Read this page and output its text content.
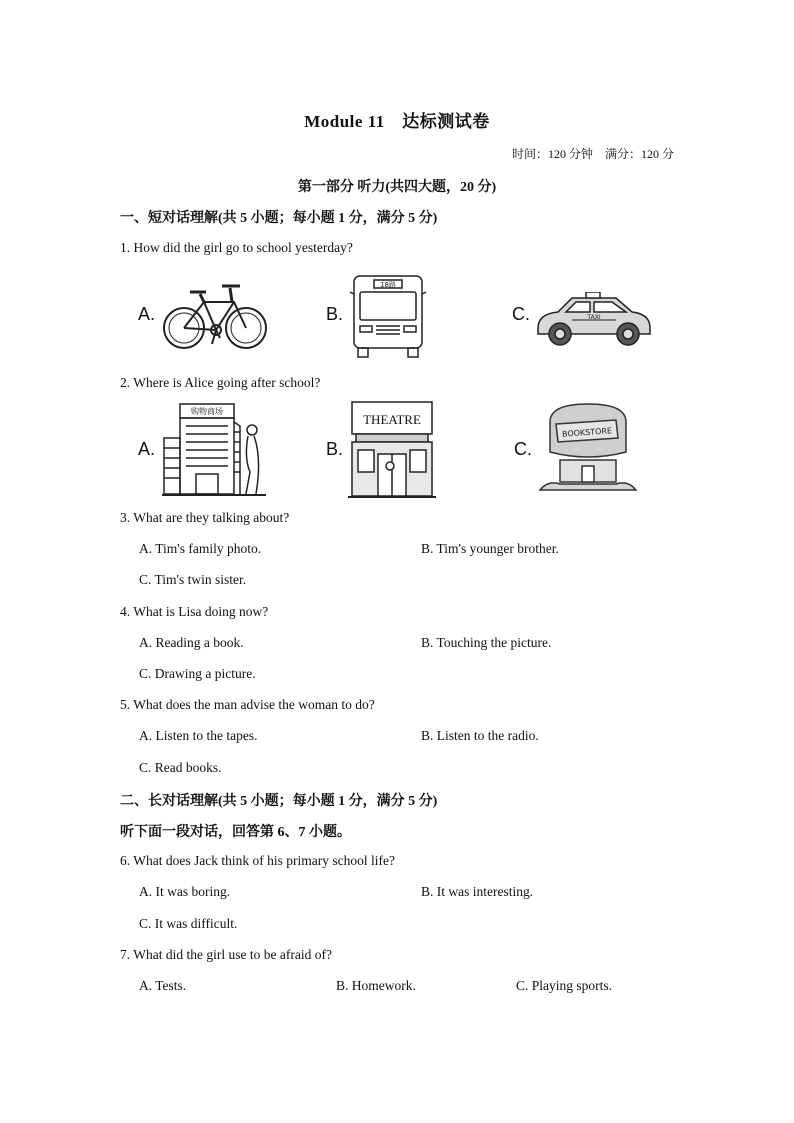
Module 11　达标测试卷
时间：120 分钟　满分：120 分
第一部分 听力(共四大题，20 分)
一、短对话理解(共 5 小题；每小题 1 分，满分 5 分)
1. How did the girl go to school yesterday?
A.	B.	C.
18路
TAXI
2. Where is Alice going after school?
A.	B.	C.
购物商场
THEATRE
BOOKSTORE
3. What are they talking about?
A. Tim's family photo.	B. Tim's younger brother.
C. Tim's twin sister.
4. What is Lisa doing now?
A. Reading a book.	B. Touching the picture.
C. Drawing a picture.
5. What does the man advise the woman to do?
A. Listen to the tapes.	B. Listen to the radio.
C. Read books.
二、长对话理解(共 5 小题；每小题 1 分，满分 5 分)
听下面一段对话，回答第 6、7 小题。
6. What does Jack think of his primary school life?
A. It was boring.	B. It was interesting.
C. It was difficult.
7. What did the girl use to be afraid of?
A. Tests.	B. Homework.	C. Playing sports.
